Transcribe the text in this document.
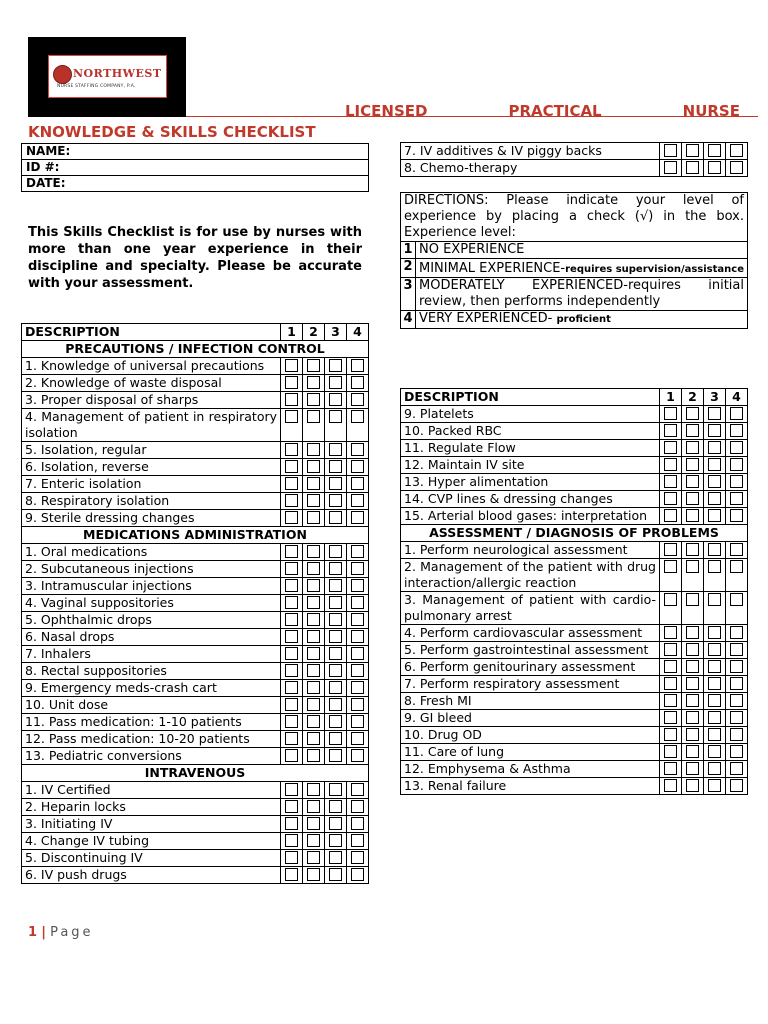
NORTHWEST
NURSE STAFFING COMPANY, P.A.
LICENSED	PRACTICAL	NURSE
KNOWLEDGE & SKILLS CHECKLIST
NAME:
ID #:
DATE:
This Skills Checklist is for use by nurses with more than one year experience in their discipline and specialty. Please be accurate with your assessment.
DESCRIPTION	1	2	3	4
PRECAUTIONS / INFECTION CONTROL				
1. Knowledge of universal precautions	

2. Knowledge of waste disposal	

3. Proper disposal of sharps	

4. Management of patient in respiratory isolation	

5. Isolation, regular	

6. Isolation, reverse	

7. Enteric isolation	

8. Respiratory isolation	

9. Sterile dressing changes	

MEDICATIONS ADMINISTRATION				
1. Oral medications	

2. Subcutaneous injections	

3. Intramuscular injections	

4. Vaginal suppositories	

5. Ophthalmic drops	

6. Nasal drops	

7. Inhalers	

8. Rectal suppositories	

9. Emergency meds-crash cart	

10. Unit dose	

11. Pass medication: 1-10 patients	

12. Pass medication: 10-20 patients	

13. Pediatric conversions	

INTRAVENOUS				
1. IV Certified	

2. Heparin locks	

3. Initiating IV	

4. Change IV tubing	

5. Discontinuing IV	

6. IV push drugs	

7. IV additives & IV piggy backs	

8. Chemo-therapy	

DIRECTIONS: Please indicate your level of experience by placing a check (√) in the box. Experience level:	
1	NO EXPERIENCE
2	MINIMAL EXPERIENCE-requires supervision/assistance

3	MODERATELY EXPERIENCED-requires initial review, then performs independently
4	VERY EXPERIENCED- proficient
DESCRIPTION	1	2	3	4
9. Platelets	

10. Packed RBC	

11. Regulate Flow	

12. Maintain IV site	

13. Hyper alimentation	

14. CVP lines & dressing changes	

15. Arterial blood gases: interpretation	

ASSESSMENT / DIAGNOSIS OF PROBLEMS				
1. Perform neurological assessment	

2. Management of the patient with drug interaction/allergic reaction	

3. Management of patient with cardio-pulmonary arrest	

4. Perform cardiovascular assessment	

5. Perform gastrointestinal assessment	

6. Perform genitourinary assessment	

7. Perform respiratory assessment	

8. Fresh MI	

9. GI bleed	

10. Drug OD	

11. Care of lung	

12. Emphysema & Asthma	

13. Renal failure	

1 | Page
